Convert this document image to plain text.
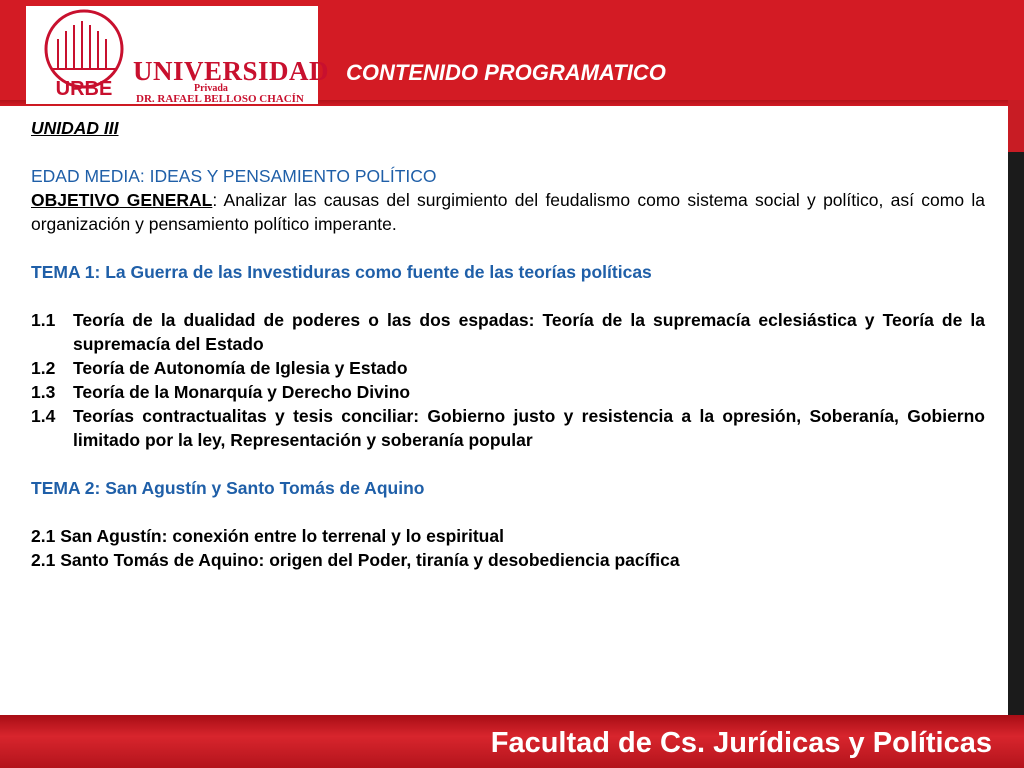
URBE
UNIVERSIDAD
Privada
DR. RAFAEL BELLOSO CHACÍN
CONTENIDO PROGRAMATICO

UNIDAD III

EDAD MEDIA: IDEAS Y PENSAMIENTO POLÍTICO

OBJETIVO GENERAL: Analizar las causas del surgimiento del feudalismo como sistema social y político, así como la organización y pensamiento político imperante.

TEMA 1: La Guerra de las Investiduras como fuente de las teorías políticas

1.1	Teoría de la dualidad de poderes o las dos espadas: Teoría de la supremacía eclesiástica y Teoría de la supremacía del Estado
1.2	Teoría de Autonomía de Iglesia y Estado
1.3	Teoría de la Monarquía y Derecho Divino
1.4	Teorías contractualitas y tesis conciliar: Gobierno justo y resistencia a la opresión, Soberanía, Gobierno limitado por la ley, Representación y soberanía popular

TEMA 2: San Agustín y Santo Tomás de Aquino

2.1 San Agustín: conexión entre lo terrenal y lo espiritual

2.1 Santo Tomás de Aquino: origen del Poder, tiranía y desobediencia pacífica

Facultad de Cs. Jurídicas y Políticas
